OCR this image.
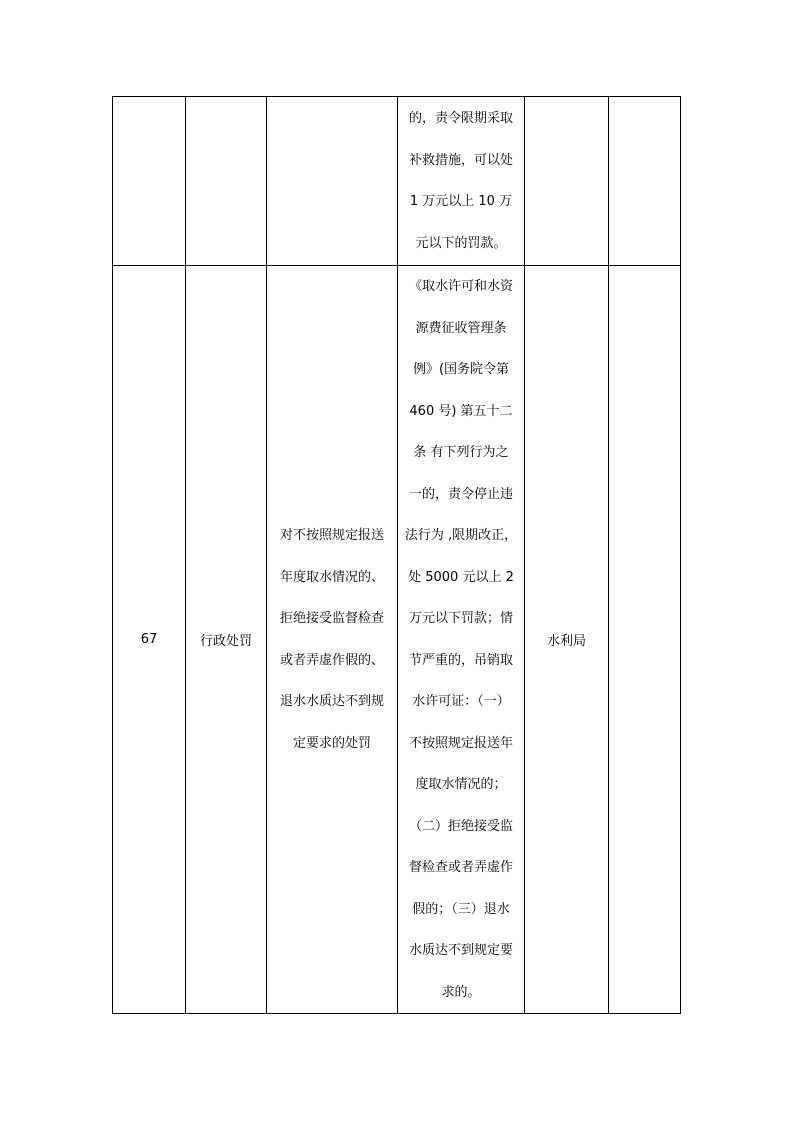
的，责令限期采取
补救措施，可以处
1 万元以上 10 万
元以下的罚款。
67	行政处罚
对不按照规定报送
年度取水情况的、
拒绝接受监督检查
或者弄虚作假的、
退水水质达不到规
定要求的处罚
《取水许可和水资
源费征收管理条
例》(国务院令第
460 号) 第五十二
条 有下列行为之
一的，责令停止违
法行为 ,限期改正，
处 5000 元以上 2
万元以下罚款；情
节严重的，吊销取
水许可证：（一）
不按照规定报送年
度取水情况的；
（二）拒绝接受监
督检查或者弄虚作
假的；（三）退水
水质达不到规定要
求的。
水利局
